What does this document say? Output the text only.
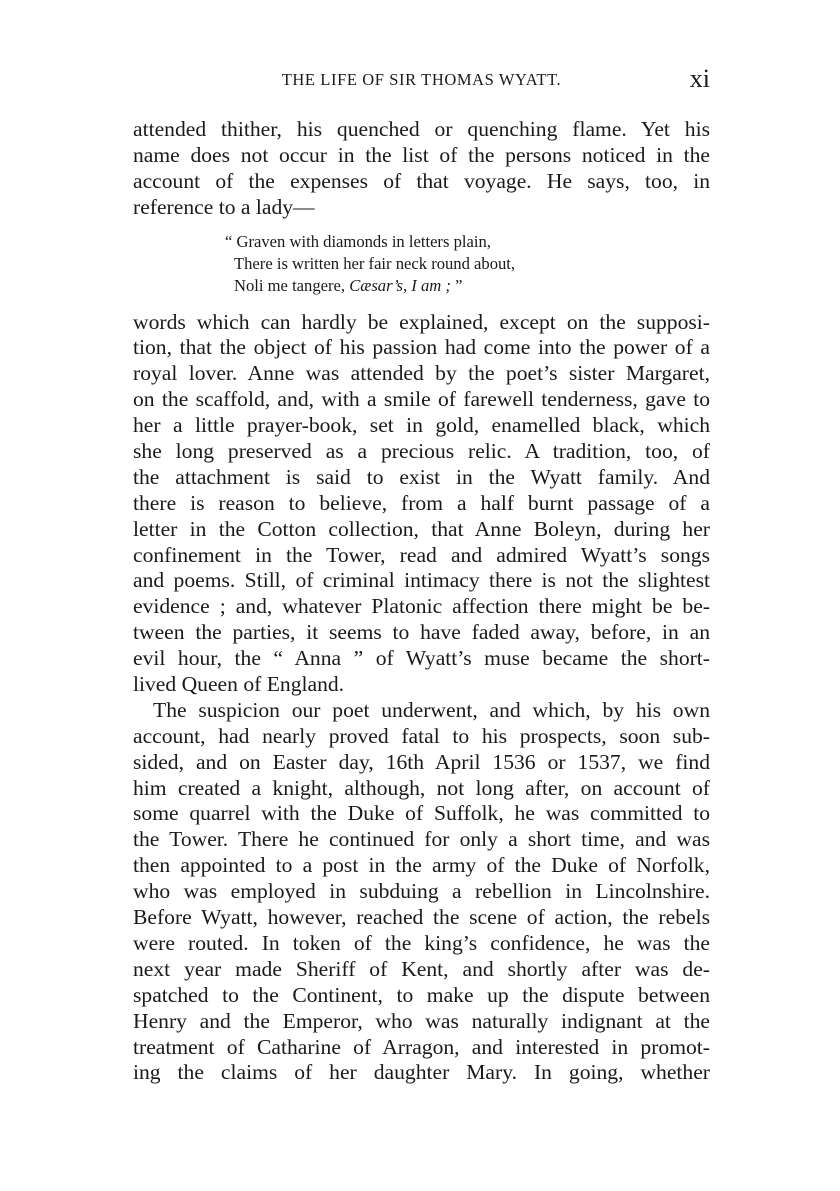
THE LIFE OF SIR THOMAS WYATT.	xi
attended thither, his quenched or quenching flame. Yet his
name does not occur in the list of the persons noticed in the
account of the expenses of that voyage. He says, too, in
reference to a lady—
“ Graven with diamonds in letters plain,
There is written her fair neck round about,
Noli me tangere, Cæsar’s, I am ; ”
words which can hardly be explained, except on the supposi-
tion, that the object of his passion had come into the power of a
royal lover. Anne was attended by the poet’s sister Margaret,
on the scaffold, and, with a smile of farewell tenderness, gave to
her a little prayer-book, set in gold, enamelled black, which
she long preserved as a precious relic. A tradition, too, of
the attachment is said to exist in the Wyatt family. And
there is reason to believe, from a half burnt passage of a
letter in the Cotton collection, that Anne Boleyn, during her
confinement in the Tower, read and admired Wyatt’s songs
and poems. Still, of criminal intimacy there is not the slightest
evidence ; and, whatever Platonic affection there might be be-
tween the parties, it seems to have faded away, before, in an
evil hour, the “ Anna ” of Wyatt’s muse became the short-
lived Queen of England.
The suspicion our poet underwent, and which, by his own
account, had nearly proved fatal to his prospects, soon sub-
sided, and on Easter day, 16th April 1536 or 1537, we find
him created a knight, although, not long after, on account of
some quarrel with the Duke of Suffolk, he was committed to
the Tower. There he continued for only a short time, and was
then appointed to a post in the army of the Duke of Norfolk,
who was employed in subduing a rebellion in Lincolnshire.
Before Wyatt, however, reached the scene of action, the rebels
were routed. In token of the king’s confidence, he was the
next year made Sheriff of Kent, and shortly after was de-
spatched to the Continent, to make up the dispute between
Henry and the Emperor, who was naturally indignant at the
treatment of Catharine of Arragon, and interested in promot-
ing the claims of her daughter Mary. In going, whether
